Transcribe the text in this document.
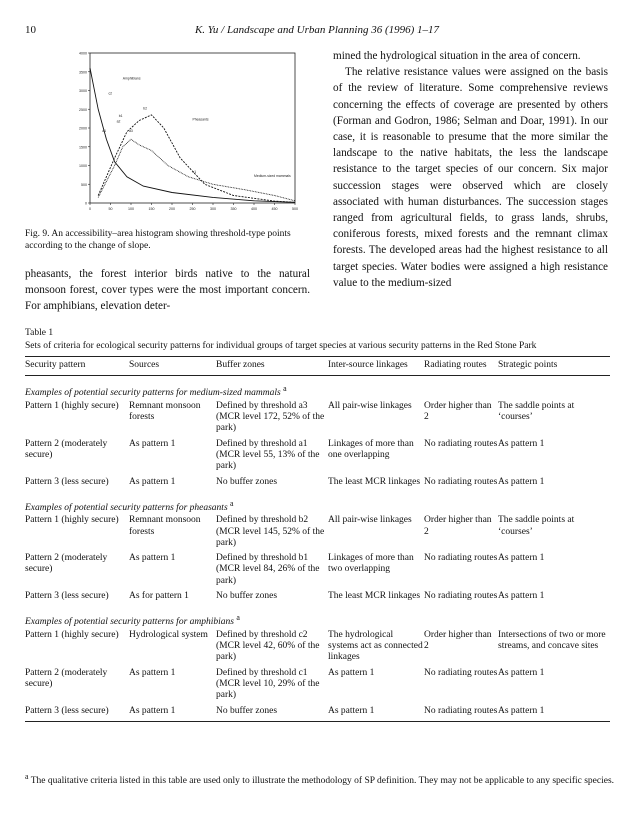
10	K. Yu / Landscape and Urban Planning 36 (1996) 1–17
4000
3500
3000
2500
2000
1500
1000
500
0
0	50	100	150	200	250	300	350	400	450	500
Amphibians
Pheasants
Medium-sized mammals
a1
a2
a3
b1
b2
c1
c2
Fig. 9. An accessibility–area histogram showing threshold-type points according to the change of slope.
pheasants, the forest interior birds native to the natural monsoon forest, cover types were the most important concern. For amphibians, elevation deter-

mined the hydrological situation in the area of concern.

The relative resistance values were assigned on the basis of the review of literature. Some comprehensive reviews concerning the effects of coverage are presented by others (Forman and Godron, 1986; Selman and Doar, 1991). In our case, it is reasonable to presume that the more similar the landscape to the native habitats, the less the landscape resistance to the target species of our concern. Six major succession stages were observed which are closely associated with human disturbances. The succession stages ranged from agricultural fields, to grass lands, shrubs, coniferous forests, mixed forests and the remnant climax forests. The developed areas had the highest resistance to all target species. Water bodies were assigned a high resistance value to the medium-sized

Table 1
Sets of criteria for ecological security patterns for individual groups of target species at various security patterns in the Red Stone Park
Security pattern	Sources	Buffer zones	Inter-source linkages	Radiating routes	Strategic points

Examples of potential security patterns for medium-sized mammals $^a$
Pattern 1 (highly secure)	Remnant monsoon forests	Defined by threshold a3 (MCR level 172, 52% of the park)	All pair-wise linkages	Order higher than 2	The saddle points at ‘courses’
Pattern 2 (moderately secure)	As pattern 1	Defined by threshold a1 (MCR level 55, 13% of the park)	Linkages of more than one overlapping	No radiating routes	As pattern 1
Pattern 3 (less secure)	As pattern 1	No buffer zones	The least MCR linkages	No radiating routes	As pattern 1
Examples of potential security patterns for pheasants $^a$
Pattern 1 (highly secure)	Remnant monsoon forests	Defined by threshold b2 (MCR level 145, 52% of the park)	All pair-wise linkages	Order higher than 2	The saddle points at ‘courses’
Pattern 2 (moderately secure)	As pattern 1	Defined by threshold b1 (MCR level 84, 26% of the park)	Linkages of more than two overlapping	No radiating routes	As pattern 1
Pattern 3 (less secure)	As for pattern 1	No buffer zones	The least MCR linkages	No radiating routes	As pattern 1
Examples of potential security patterns for amphibians $^a$
Pattern 1 (highly secure)	Hydrological system	Defined by threshold c2 (MCR level 42, 60% of the park)	The hydrological systems act as connected linkages	Order higher than 2	Intersections of two or more streams, and concave sites
Pattern 2 (moderately secure)	As pattern 1	Defined by threshold c1 (MCR level 10, 29% of the park)	As pattern 1	No radiating routes	As pattern 1
Pattern 3 (less secure)	As pattern 1	No buffer zones	As pattern 1	No radiating routes	As pattern 1

$^a$ The qualitative criteria listed in this table are used only to illustrate the methodology of SP definition. They may not be applicable to any specific species.
